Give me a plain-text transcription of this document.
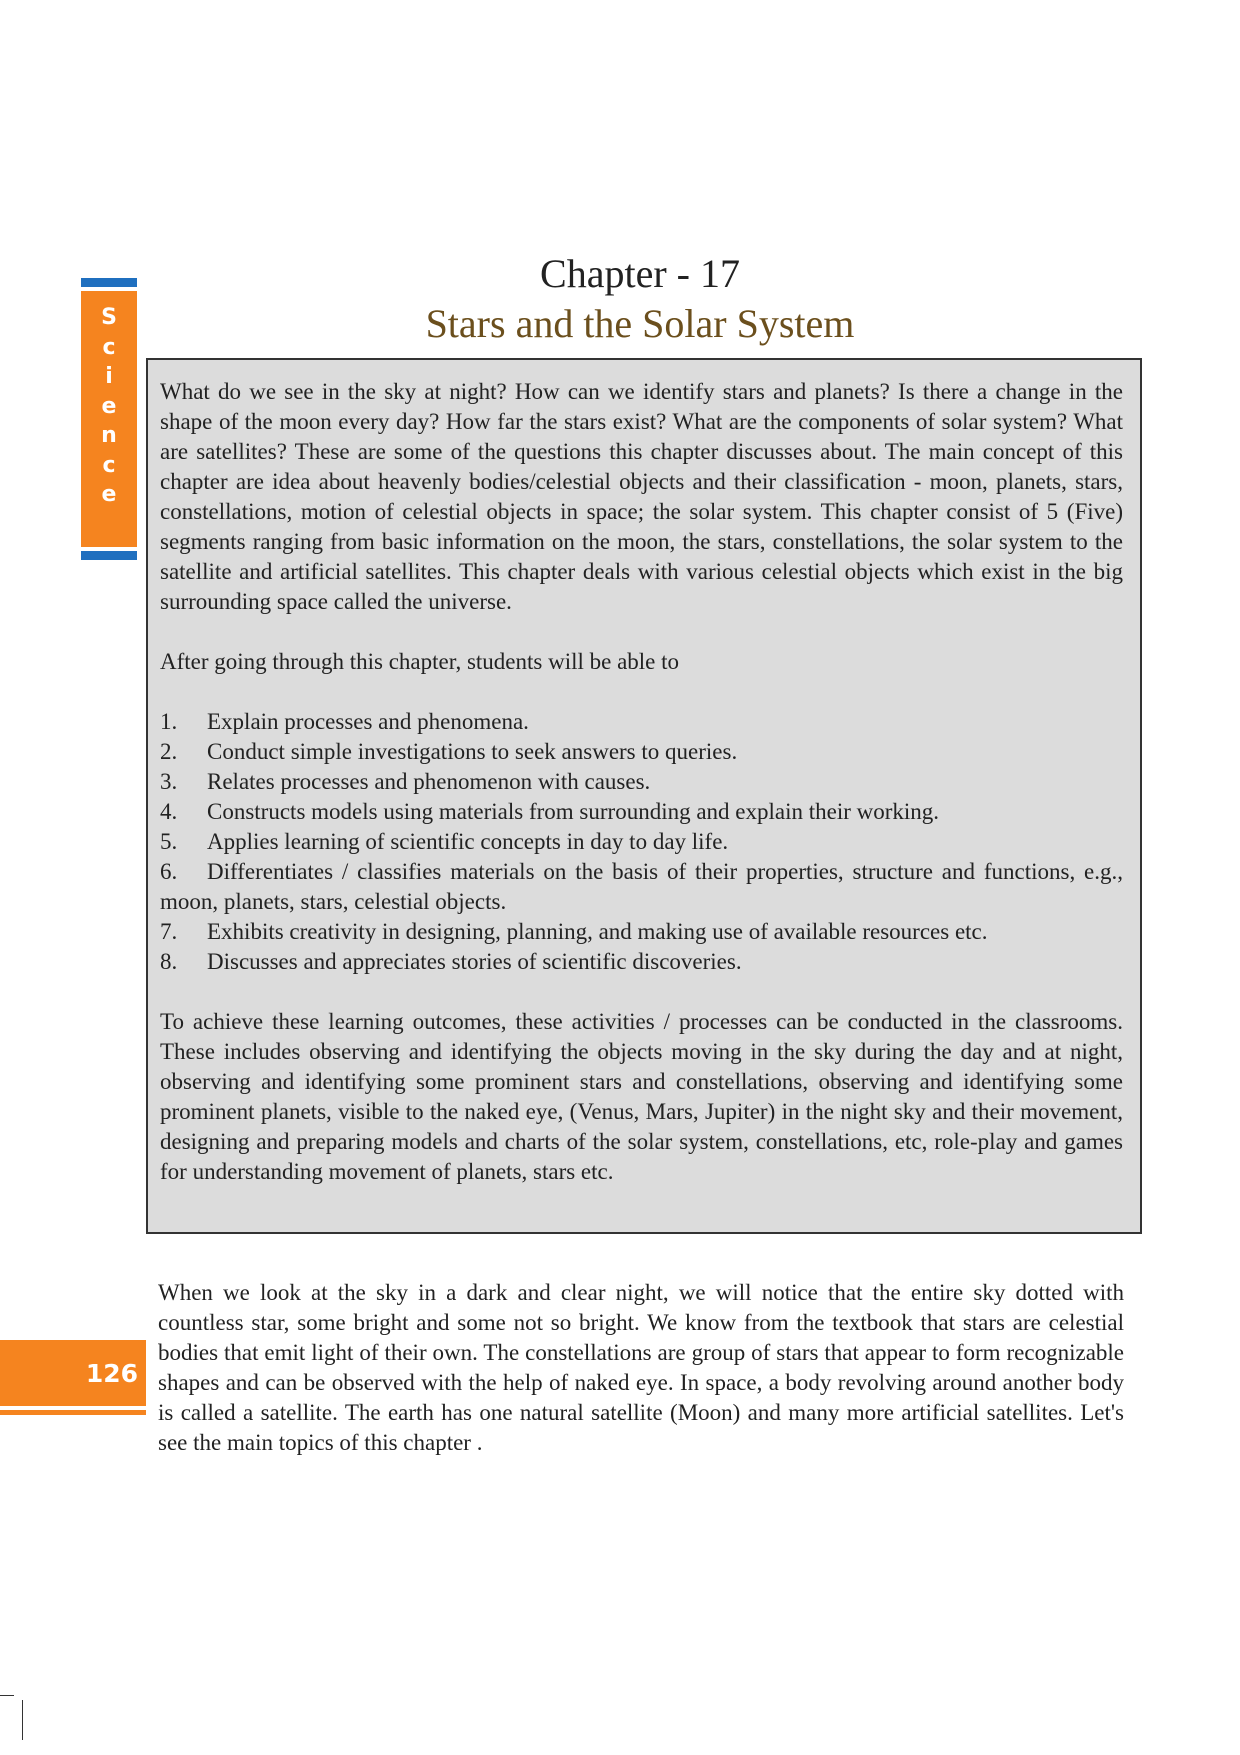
S
c
i
e
n
c
e
Chapter - 17
Stars and the Solar System

What do we see in the sky at night? How can we identify stars and planets? Is there a change in the shape of the moon every day? How far the stars exist? What are the components of solar system? What are satellites? These are some of the questions this chapter discusses about. The main concept of this chapter are idea about heavenly bodies/celestial objects and their classification - moon, planets, stars, constellations, motion of celestial objects in space; the solar system. This chapter consist of 5 (Five) segments ranging from basic information on the moon, the stars, constellations, the solar system to the satellite and artificial satellites. This chapter deals with various celestial objects which exist in the big surrounding space called the universe.

After going through this chapter, students will be able to

1. Explain processes and phenomena.
2. Conduct simple investigations to seek answers to queries.
3. Relates processes and phenomenon with causes.
4. Constructs models using materials from surrounding and explain their working.
5. Applies learning of scientific concepts in day to day life.
6. Differentiates / classifies materials on the basis of their properties, structure and functions, e.g., moon, planets, stars, celestial objects.
7. Exhibits creativity in designing, planning, and making use of available resources etc.
8. Discusses and appreciates stories of scientific discoveries.

To achieve these learning outcomes, these activities / processes can be conducted in the classrooms. These includes observing and identifying the objects moving in the sky during the day and at night, observing and identifying some prominent stars and constellations, observing and identifying some prominent planets, visible to the naked eye, (Venus, Mars, Jupiter) in the night sky and their movement, designing and preparing models and charts of the solar system, constellations, etc, role-play and games for understanding movement of planets, stars etc.

126

When we look at the sky in a dark and clear night, we will notice that the entire sky dotted with countless star, some bright and some not so bright. We know from the textbook that stars are celestial bodies that emit light of their own. The constellations are group of stars that appear to form recognizable shapes and can be observed with the help of naked eye. In space, a body revolving around another body is called a satellite. The earth has one natural satellite (Moon) and many more artificial satellites. Let's see the main topics of this chapter .
